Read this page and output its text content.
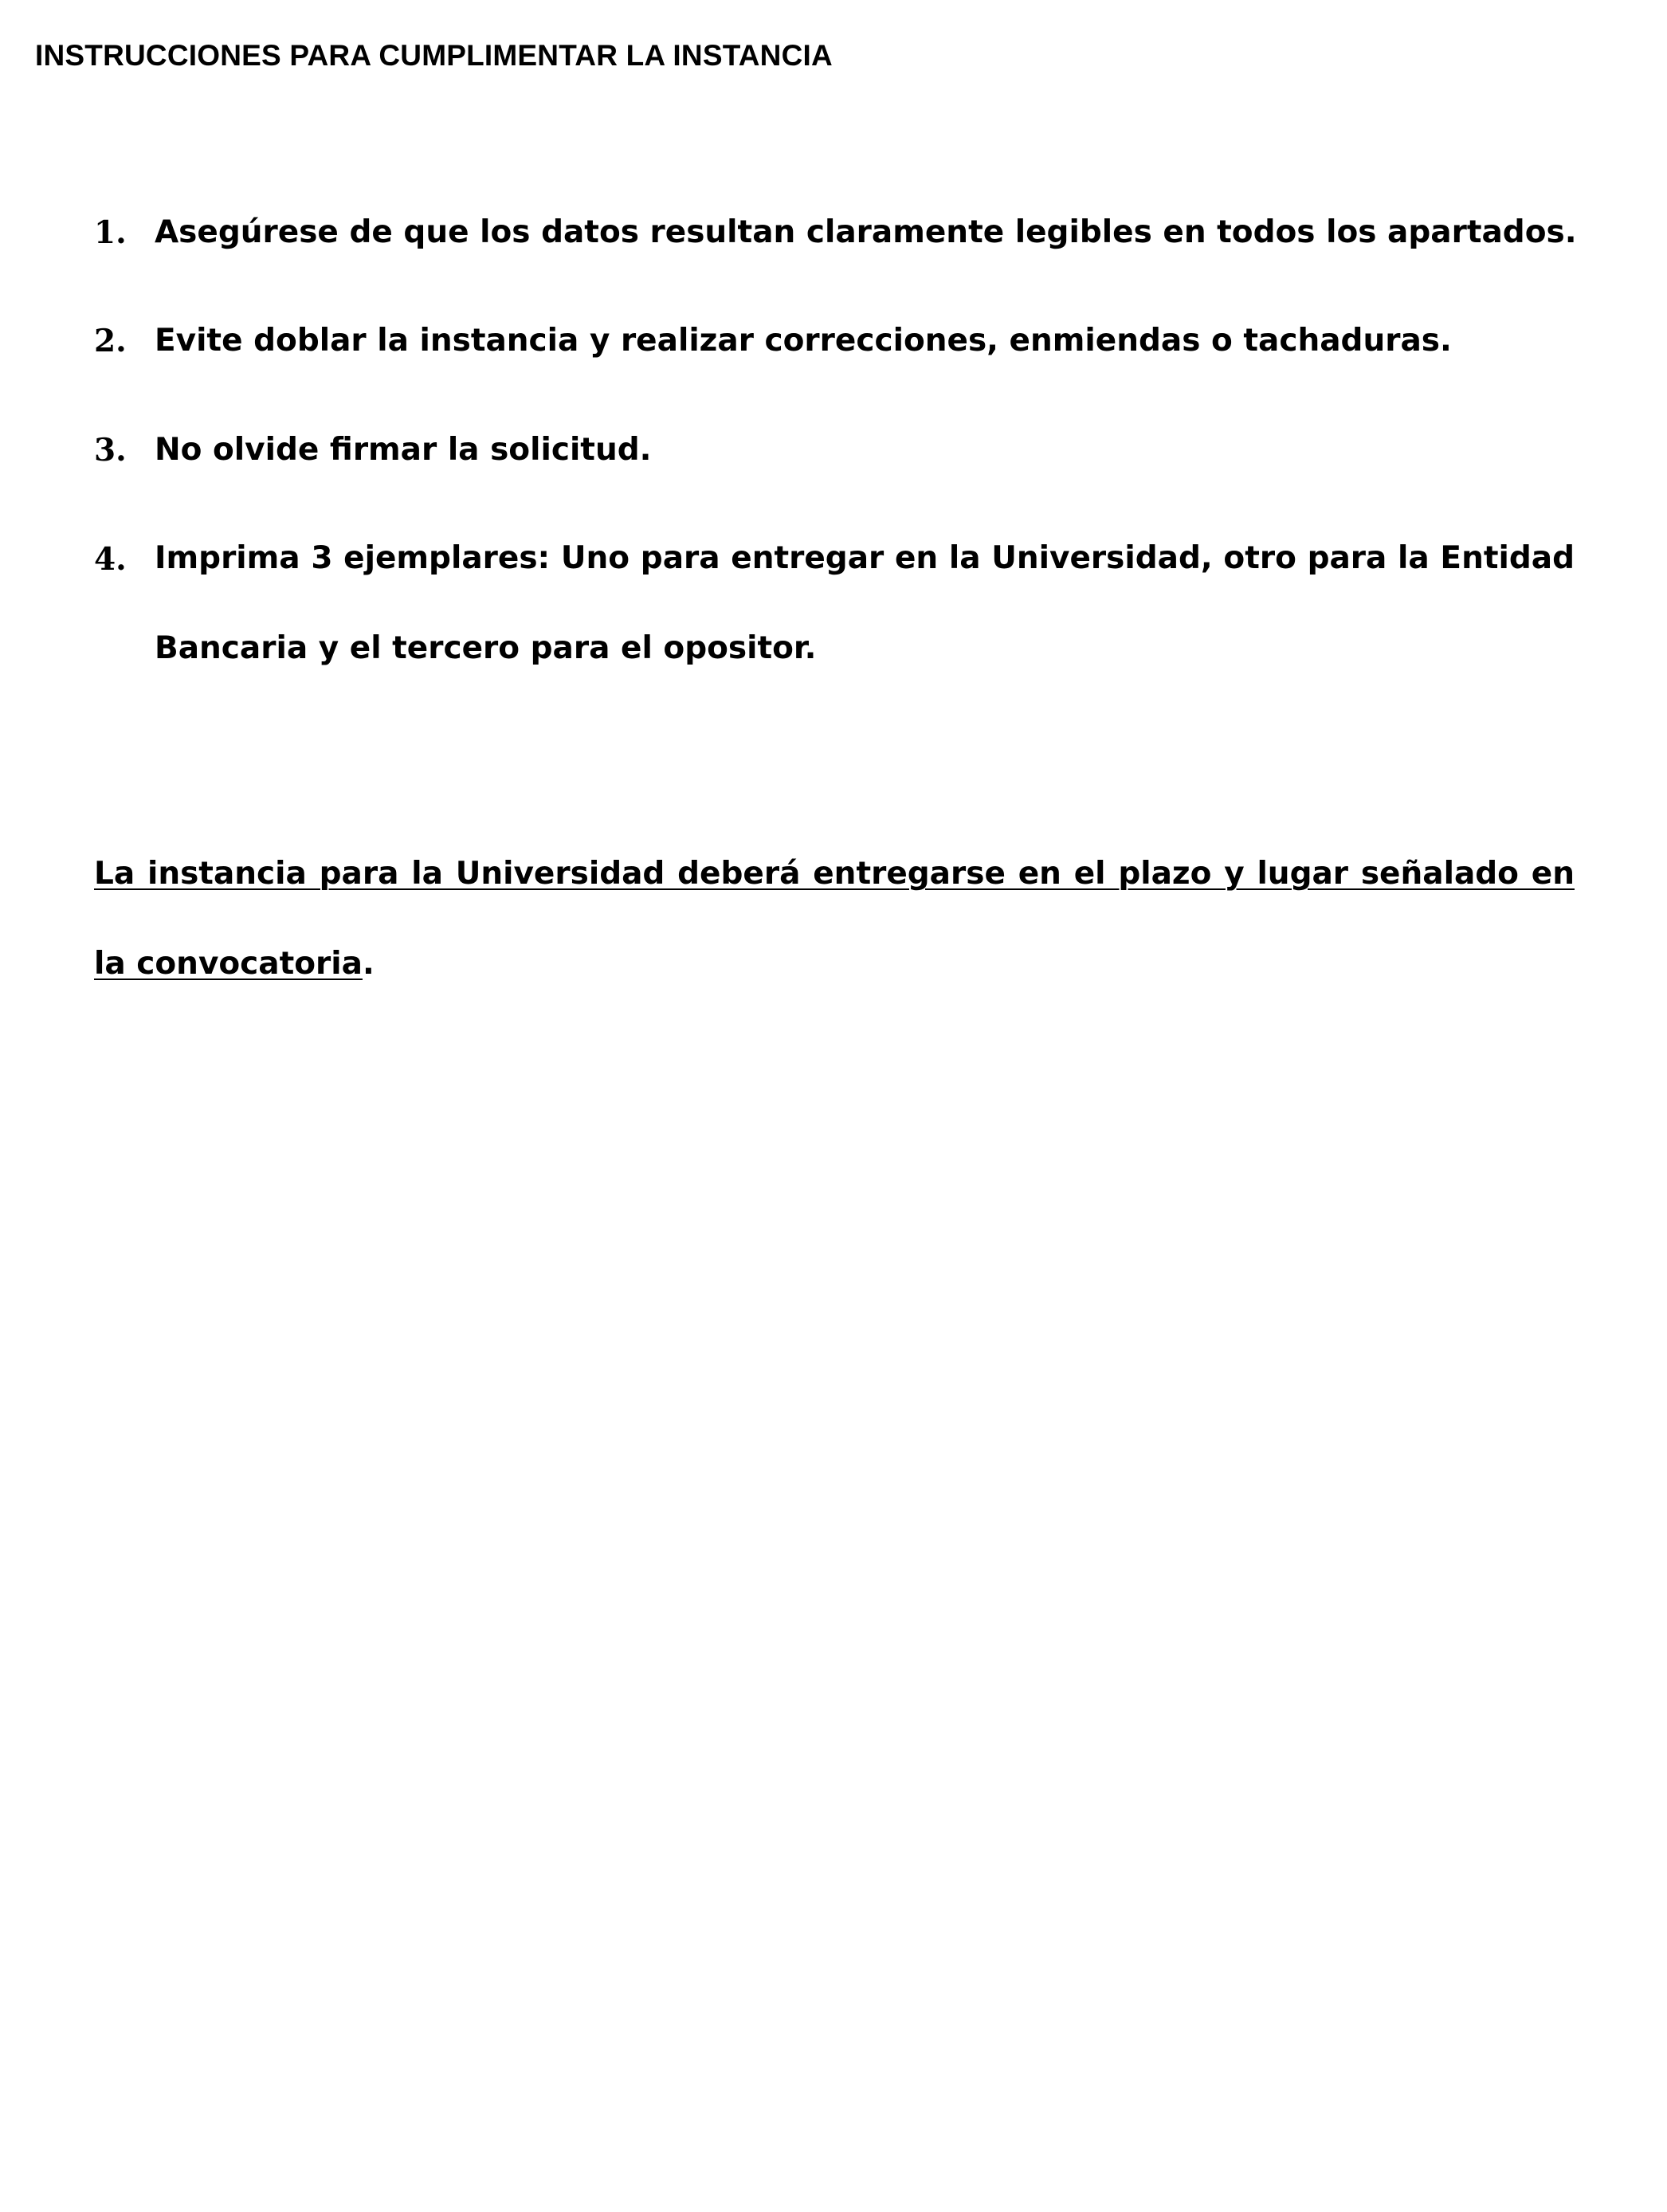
INSTRUCCIONES PARA CUMPLIMENTAR LA INSTANCIA
1. Asegúrese de que los datos resultan claramente legibles en todos los apartados.
2. Evite doblar la instancia y realizar correcciones, enmiendas o tachaduras.
3. No olvide firmar la solicitud.
4. Imprima 3 ejemplares: Uno para entregar en la Universidad, otro para la Entidad Bancaria y el tercero para el opositor.

La instancia para la Universidad deberá entregarse en el plazo y lugar señalado en la convocatoria.
